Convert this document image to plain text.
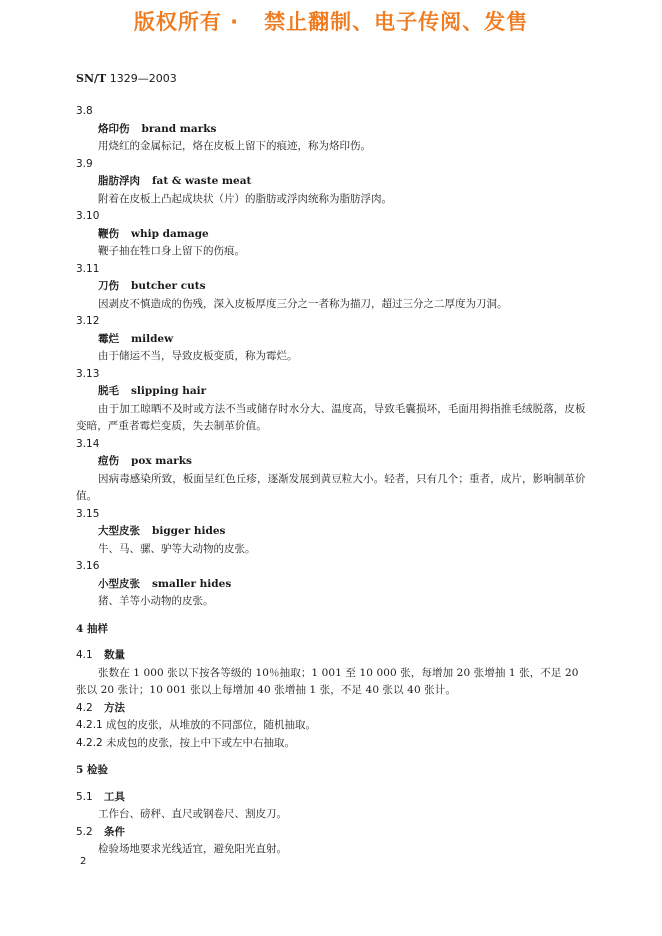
版权所有 ·   禁止翻制、电子传阅、发售
SN/T 1329—2003
3.8
烙印伤 brand marks
用烧红的金属标记，烙在皮板上留下的痕迹，称为烙印伤。
3.9
脂肪浮肉 fat & waste meat
附着在皮板上凸起成块状（片）的脂肪或浮肉统称为脂肪浮肉。
3.10
鞭伤 whip damage
鞭子抽在牲口身上留下的伤痕。
3.11
刀伤 butcher cuts
因剥皮不慎造成的伤残，深入皮板厚度三分之一者称为描刀，超过三分之二厚度为刀洞。
3.12
霉烂 mildew
由于储运不当，导致皮板变质，称为霉烂。
3.13
脱毛 slipping hair
由于加工晾晒不及时或方法不当或储存时水分大、温度高，导致毛囊损坏，毛面用拇指推毛绒脱落，皮板变暗，严重者霉烂变质，失去制革价值。
3.14
痘伤 pox marks
因病毒感染所致，板面呈红色丘疹，逐渐发展到黄豆粒大小。轻者，只有几个；重者，成片，影响制革价值。
3.15
大型皮张 bigger hides
牛、马、骡、驴等大动物的皮张。
3.16
小型皮张 smaller hides
猪、羊等小动物的皮张。
4 抽样
4.1 数量
张数在 1 000 张以下按各等级的 10％抽取；1 001 至 10 000 张，每增加 20 张增抽 1 张，不足 20 张以 20 张计；10 001 张以上每增加 40 张增抽 1 张，不足 40 张以 40 张计。
4.2 方法
4.2.1 成包的皮张，从堆放的不同部位，随机抽取。
4.2.2 未成包的皮张，按上中下或左中右抽取。
5 检验
5.1 工具
工作台、磅秤、直尺或钢卷尺、割皮刀。
5.2 条件
检验场地要求光线适宜，避免阳光直射。
2
